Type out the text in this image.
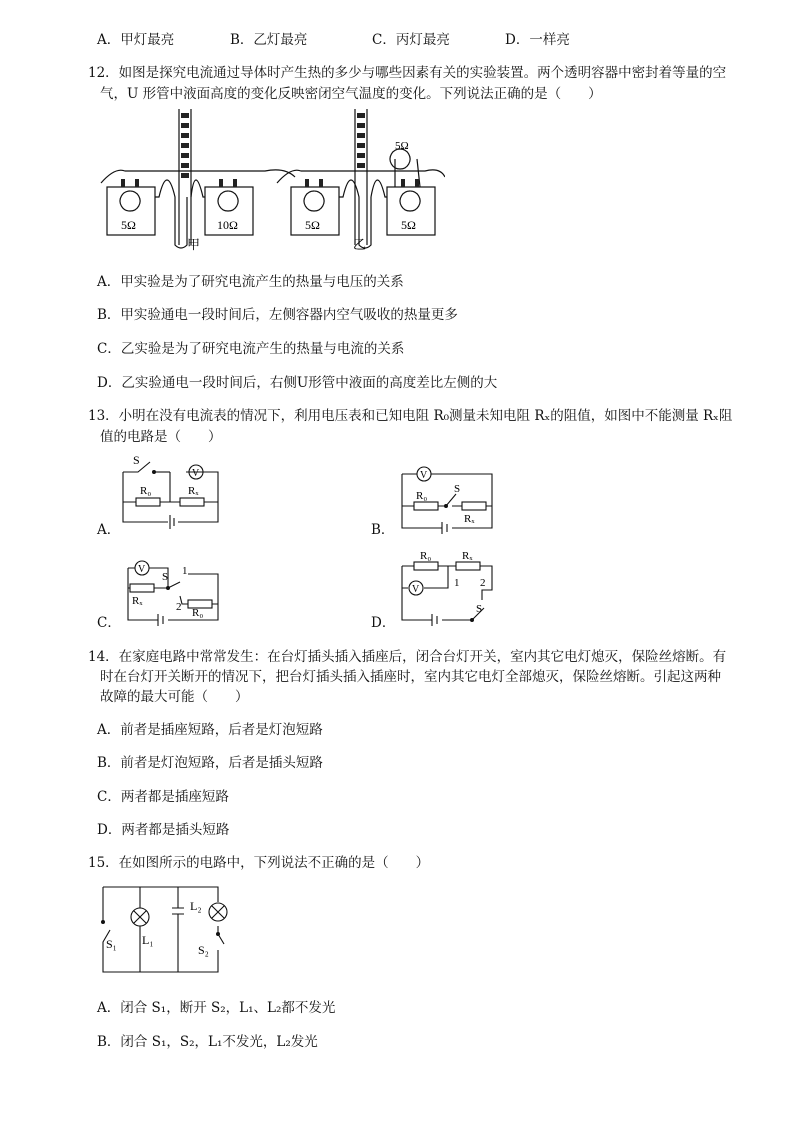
A．甲灯最亮	B．乙灯最亮	C．丙灯最亮	D．一样亮
12．如图是探究电流通过导体时产生热的多少与哪些因素有关的实验装置。两个透明容器中密封着等量的空
气，U 形管中液面高度的变化反映密闭空气温度的变化。下列说法正确的是（　　）
5Ω	10Ω
甲
5Ω	5Ω
5Ω
乙
A．甲实验是为了研究电流产生的热量与电压的关系
B．甲实验通电一段时间后，左侧容器内空气吸收的热量更多
C．乙实验是为了研究电流产生的热量与电流的关系
D．乙实验通电一段时间后，右侧U形管中液面的高度差比左侧的大
13．小明在没有电流表的情况下，利用电压表和已知电阻 R₀测量未知电阻 Rₓ的阻值，如图中不能测量 Rₓ阻
值的电路是（　　）
A．
S
V
R₀	Rₓ
B．
V
R₀
S
Rₓ
C．
V
S 1
2
Rₓ
R₀
D．
R₀	Rₓ
V
1 2
S
14．在家庭电路中常常发生：在台灯插头插入插座后，闭合台灯开关，室内其它电灯熄灭，保险丝熔断。有
时在台灯开关断开的情况下，把台灯插头插入插座时，室内其它电灯全部熄灭，保险丝熔断。引起这两种
故障的最大可能（　　）
A．前者是插座短路，后者是灯泡短路
B．前者是灯泡短路，后者是插头短路
C．两者都是插座短路
D．两者都是插头短路
15．在如图所示的电路中，下列说法不正确的是（　　）
S₁ L₁
L₂
S₂
A．闭合 S₁，断开 S₂，L₁、L₂都不发光
B．闭合 S₁，S₂，L₁不发光，L₂发光
